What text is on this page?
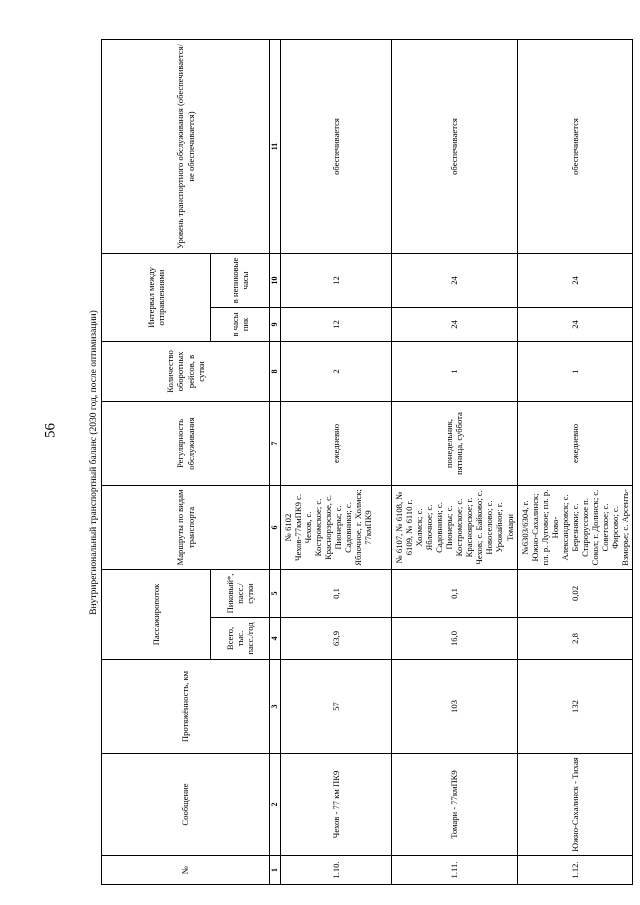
56	Внутрирегиональный транспортный баланс (2030 год, после оптимизации)
№	Сообщение	Протяжённость, км	Пассажиропоток		Маршруты по видам транспорта	Регулярность обслуживания	Количество оборотных рейсов, в сутки	Интервал между отправлениями		Уровень транспортного обслуживания (обеспечивается/не обеспечивается)
			Всего, тыс. пасс./год	Пиковый*, пасс./сутки				в часы пик	в непиковые часы	
1	2	3	4	5	6	7	8	9	10	11
1.10.	Чехов - 77 км ПК9	57	63,9	0,1	№ 6102 Чехов-77кмПК9 с. Чехов, с. Костромское; с. Краснорэрское, с. Пионеры; с. Садовники; с. Яблочное, г. Холмск; 77кмПК9	ежедневно	2	12	12	обеспечивается
1.11.	Томари - 77кмПК9	103	16,0	0,1	№ 6107, № 6108, № 6109, № 6110 г. Холмск; с. Яблочное; с. Садовники; с. Пионеры; с. Костромское; с. Красноярское; г. Чехов; с. Байково; с. Новоселово; с. Урожайное; г. Томари	понедельник, пятница, суббота	1	24	24	обеспечивается
1.12.	Южно-Сахалинск - Тихая	132	2,8	0,02	№6303/6304, г. Южно-Сахалинск; пл. р. Луговое; пл. р. Ново-Александровск; с. Березняки; с. Старорусское п. Сокол; г. Долинск; с. Советское; с. Фирсово; с. Взморье; с. Арсенть-	ежедневно	1	24	24	обеспечивается
